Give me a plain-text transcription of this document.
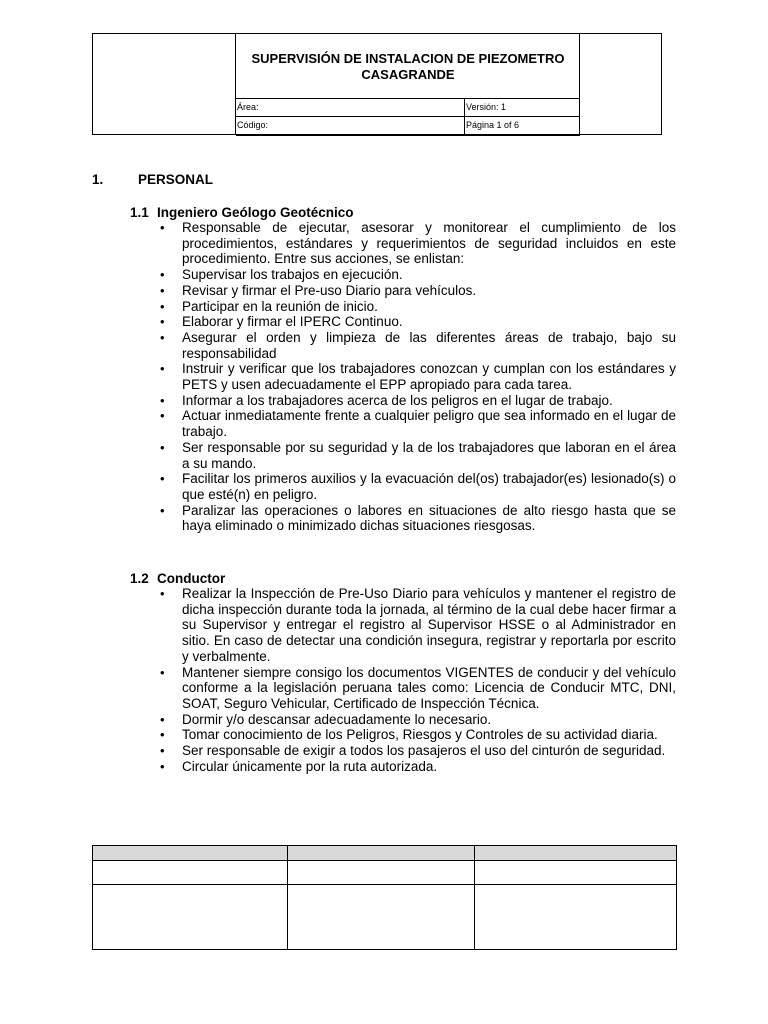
SUPERVISIÓN DE INSTALACION DE PIEZOMETRO
CASAGRANDE
Área:	Versión: 1
Código:	Página 1 of 6
1.	PERSONAL
1.1 Ingeniero Geólogo Geotécnico
• Responsable de ejecutar, asesorar y monitorear el cumplimiento de los procedimientos, estándares y requerimientos de seguridad incluidos en este procedimiento. Entre sus acciones, se enlistan:
• Supervisar los trabajos en ejecución.
• Revisar y firmar el Pre-uso Diario para vehículos.
• Participar en la reunión de inicio.
• Elaborar y firmar el IPERC Continuo.
• Asegurar el orden y limpieza de las diferentes áreas de trabajo, bajo su responsabilidad
• Instruir y verificar que los trabajadores conozcan y cumplan con los estándares y PETS y usen adecuadamente el EPP apropiado para cada tarea.
• Informar a los trabajadores acerca de los peligros en el lugar de trabajo.
• Actuar inmediatamente frente a cualquier peligro que sea informado en el lugar de trabajo.
• Ser responsable por su seguridad y la de los trabajadores que laboran en el área a su mando.
• Facilitar los primeros auxilios y la evacuación del(os) trabajador(es) lesionado(s) o que esté(n) en peligro.
• Paralizar las operaciones o labores en situaciones de alto riesgo hasta que se haya eliminado o minimizado dichas situaciones riesgosas.
1.2 Conductor
• Realizar la Inspección de Pre-Uso Diario para vehículos y mantener el registro de dicha inspección durante toda la jornada, al término de la cual debe hacer firmar a su Supervisor y entregar el registro al Supervisor HSSE o al Administrador en sitio. En caso de detectar una condición insegura, registrar y reportarla por escrito y verbalmente.
• Mantener siempre consigo los documentos VIGENTES de conducir y del vehículo conforme a la legislación peruana tales como: Licencia de Conducir MTC, DNI, SOAT, Seguro Vehicular, Certificado de Inspección Técnica.
• Dormir y/o descansar adecuadamente lo necesario.
• Tomar conocimiento de los Peligros, Riesgos y Controles de su actividad diaria.
• Ser responsable de exigir a todos los pasajeros el uso del cinturón de seguridad.
• Circular únicamente por la ruta autorizada.
